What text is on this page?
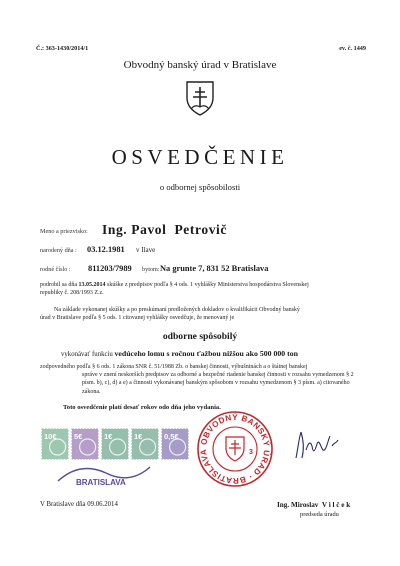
Č.: 363-1430/2014/1	ev. č. 1449
Obvodný banský úrad v Bratislave
OSVEDČENIE
o odbornej spôsobilosti
Meno a priezvisko: Ing. Pavol  Petrovič
narodený dňa : 03.12.1981 v Ilave
rodné číslo : 811203/7989 bytom: Na grunte 7, 831 52 Bratislava
podrobil sa dňa 13.05.2014 skúške z predpisov podľa § 4 ods. 1 vyhlášky Ministerstva hospodárstva Slovenskej
republiky č. 208/1993 Z.z.
Na základe vykonanej skúšky a po preskúmaní predložených dokladov o kvalifikácii Obvodný banský
úrad v Bratislave podľa § 5 ods. 1 citovanej vyhlášky osvedčuje, že menovaný je
odborne spôsobilý
vykonávať funkciu vedúceho lomu s ročnou ťažbou nižšou ako 500 000 ton
zodpovedného podľa § 6 ods. 1 zákona SNR č. 51/1988 Zb. o banskej činnosti, výbušninách a o štátnej banskej
správe v znení neskorších predpisov za odborné a bezpečné riadenie banskej činnosti v rozsahu vymedzenom § 2
písm. b), c), d) a e) a činnosti vykonávanej banským spôsobom v rozsahu vymedzenom § 3 písm. a) citovaného
zákona.
Toto osvedčenie platí desať rokov odo dňa jeho vydania.
10€ 5€	1€	1€	0,5€
BRATISLAVA
OBVODNÝ BANSKÝ ÚRAD · BRATISLAVA	3
V Bratislave dňa 09.06.2014	Ing. Miroslav  V i l č e k
predseda úradu
